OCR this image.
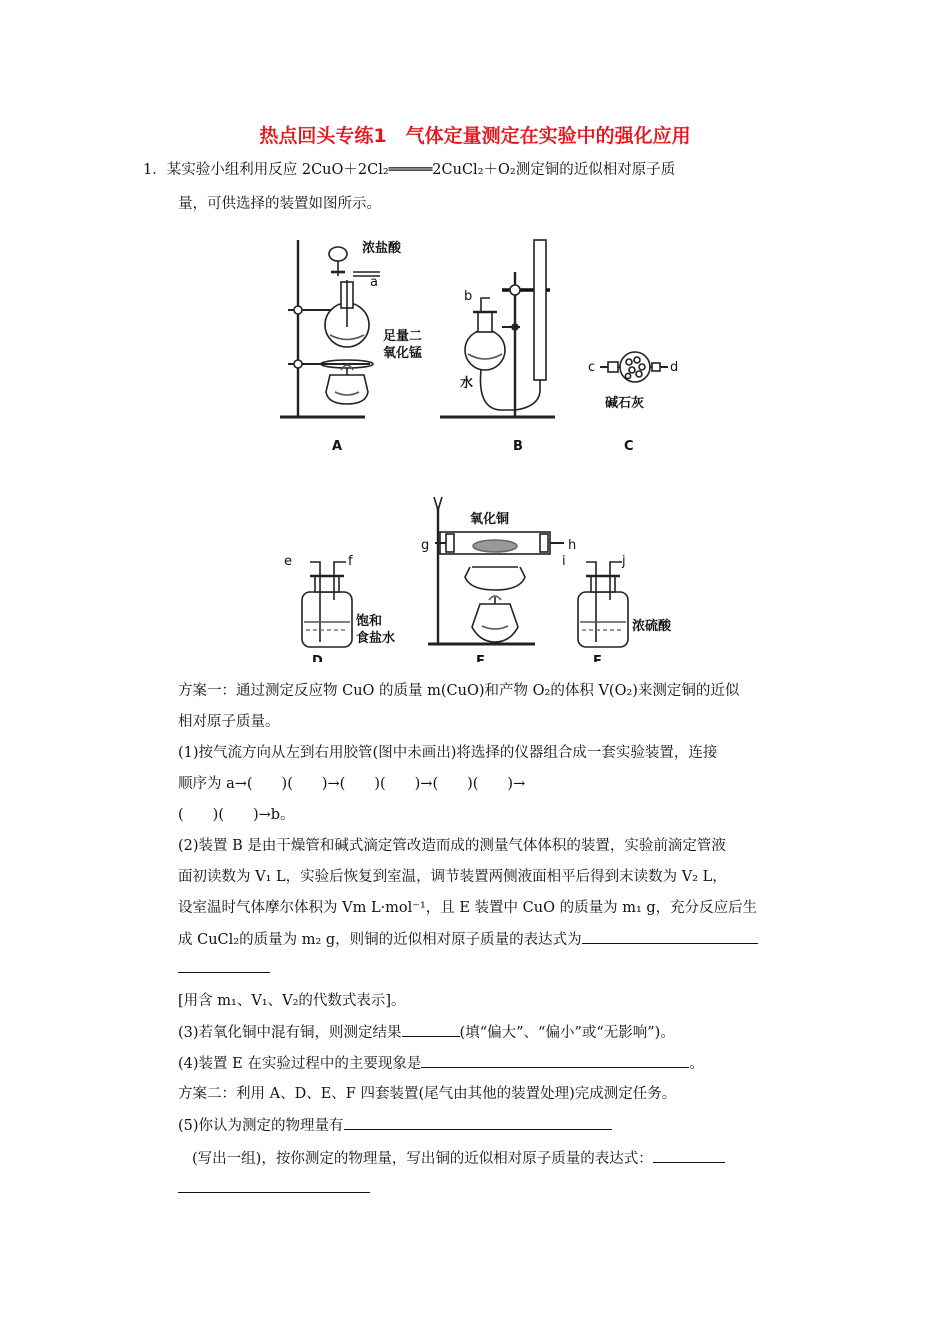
热点回头专练1　气体定量测定在实验中的强化应用
1．某实验小组利用反应 2CuO＋2Cl₂═════2CuCl₂＋O₂测定铜的近似相对原子质
量，可供选择的装置如图所示。
浓盐酸
a
足量二
氧化锰
A
b
水
B
c	d
碱石灰
C
e	f
饱和
食盐水
D
氧化铜
g	h
E
i	j
浓硫酸
F
方案一：通过测定反应物 CuO 的质量 m(CuO)和产物 O₂的体积 V(O₂)来测定铜的近似
相对原子质量。
(1)按气流方向从左到右用胶管(图中未画出)将选择的仪器组合成一套实验装置，连接
顺序为 a→(　　)(　　)→(　　)(　　)→(　　)(　　)→
(　　)(　　)→b。
(2)装置 B 是由干燥管和碱式滴定管改造而成的测量气体体积的装置，实验前滴定管液
面初读数为 V₁ L，实验后恢复到室温，调节装置两侧液面相平后得到末读数为 V₂ L，
设室温时气体摩尔体积为 Vm L·mol⁻¹，且 E 装置中 CuO 的质量为 m₁ g，充分反应后生
成 CuCl₂的质量为 m₂ g，则铜的近似相对原子质量的表达式为
[用含 m₁、V₁、V₂的代数式表示]。
(3)若氧化铜中混有铜，则测定结果	(填“偏大”、“偏小”或“无影响”)。
(4)装置 E 在实验过程中的主要现象是	。
方案二：利用 A、D、E、F 四套装置(尾气由其他的装置处理)完成测定任务。
(5)你认为测定的物理量有
(写出一组)，按你测定的物理量，写出铜的近似相对原子质量的表达式：
